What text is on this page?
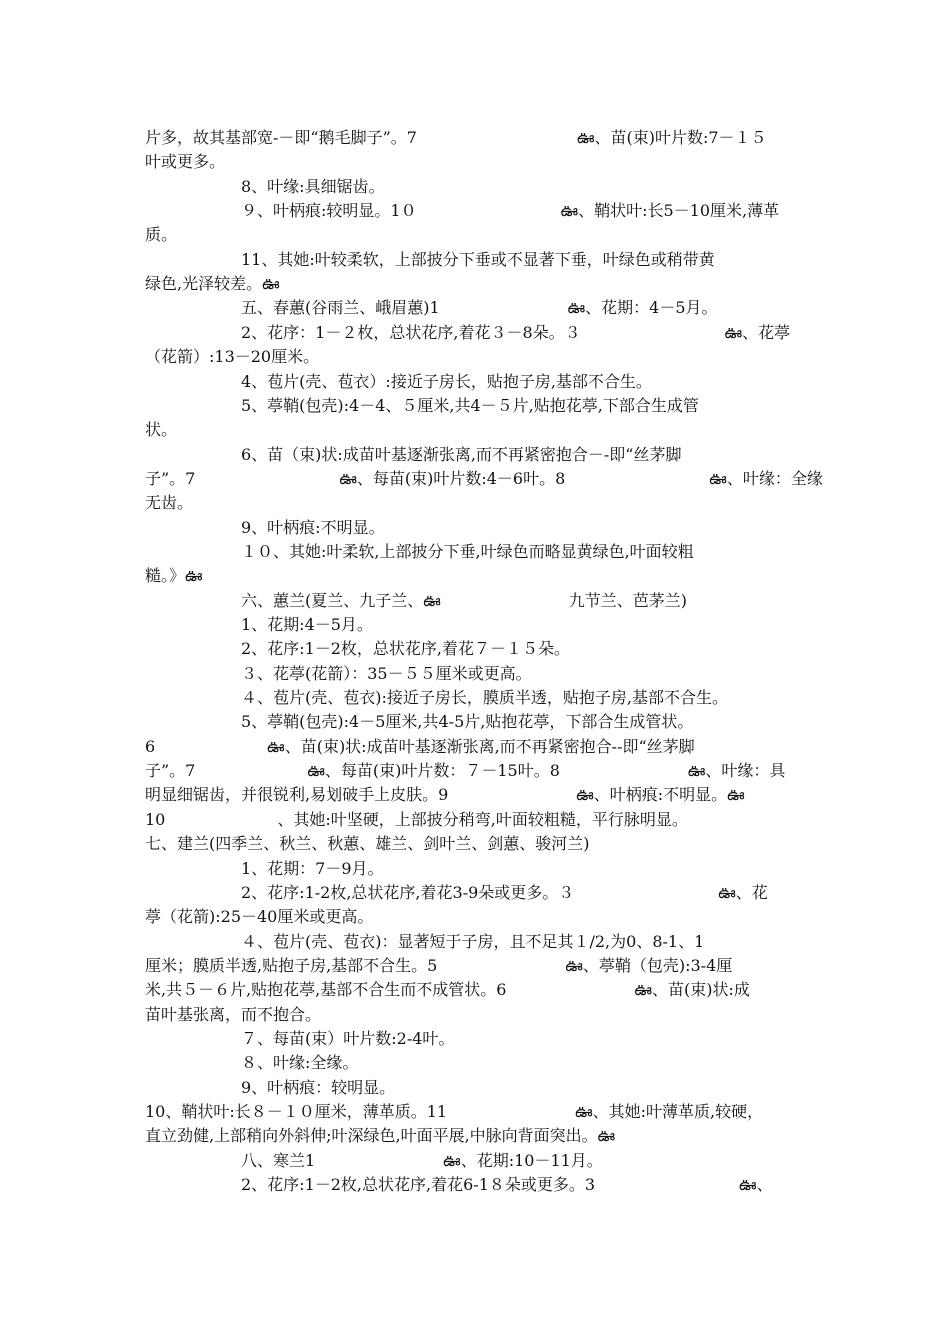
片多，故其基部宽-－即“鹅毛脚子”。7　　　　　　　　　　ఊ、苗(束)叶片数:7－１５
叶或更多。
　　　　　　8、叶缘:具细锯齿。
　　　　　　９、叶柄痕:较明显。1０　　　　　　　　　ఊ、鞘状叶:长5－10厘米,薄革
质。
　　　　　　11、其她:叶较柔软，上部披分下垂或不显著下垂，叶绿色或稍带黄
绿色,光泽较差。ఊ
　　　　　　五、春蕙(谷雨兰、峨眉蕙)1　　　　　　　　ఊ、花期：4－5月。
　　　　　　2、花序：1－２枚，总状花序,着花３－8朵。３　　　　　　　　　ఊ、花葶
（花箭）:13－20厘米。
　　　　　　4、苞片(壳、苞衣）:接近子房长，贴抱子房,基部不合生。
　　　　　　5、葶鞘(包壳):4－4、５厘米,共4－５片,贴抱花葶,下部合生成管
状。
　　　　　　6、苗（束)状:成苗叶基逐渐张离,而不再紧密抱合－-即“丝茅脚
子”。7　　　　　　　　　ఊ、每苗(束)叶片数:4－6叶。8　　　　　　　　　ఊ、叶缘：全缘
无齿。
　　　　　　9、叶柄痕:不明显。
　　　　　　１０、其她:叶柔软,上部披分下垂,叶绿色而略显黄绿色,叶面较粗
糙。》ఊ
　　　　　　六、蕙兰(夏兰、九子兰、ఊ　　　　　　　　九节兰、芭茅兰)
　　　　　　1、花期:4－5月。
　　　　　　2、花序:1－2枚，总状花序,着花７－１５朵。
　　　　　　３、花葶(花箭）：35－５５厘米或更高。
　　　　　　４、苞片(壳、苞衣):接近子房长，膜质半透，贴抱子房,基部不合生。
　　　　　　5、葶鞘(包壳):4－5厘米,共4-5片,贴抱花葶，下部合生成管状。
6　　　　　　　ఊ、苗(束)状:成苗叶基逐渐张离,而不再紧密抱合--即“丝茅脚
子”。7　　　　　　　ఊ、每苗(束)叶片数：７－15叶。8　　　　　　　　ఊ、叶缘：具
明显细锯齿，并很锐利,易划破手上皮肤。9　　　　　　　　ఊ、叶柄痕:不明显。ఊ
10　　　　　　　、其她:叶坚硬，上部披分稍弯,叶面较粗糙，平行脉明显。
七、建兰(四季兰、秋兰、秋蕙、雄兰、剑叶兰、剑蕙、骏河兰)
　　　　　　1、花期：7－9月。
　　　　　　2、花序:1-2枚,总状花序,着花3-9朵或更多。３　　　　　　　　　ఊ、花
葶（花箭):25－40厘米或更高。
　　　　　　４、苞片(壳、苞衣)：显著短于子房，且不足其１/2,为0、8-1、1
厘米；膜质半透,贴抱子房,基部不合生。5　　　　　　　　ఊ、葶鞘（包壳):3-4厘
米,共５－６片,贴抱花葶,基部不合生而不成管状。6　　　　　　　　ఊ、苗(束)状:成
苗叶基张离，而不抱合。
　　　　　　７、每苗(束）叶片数:2-4叶。
　　　　　　８、叶缘:全缘。
　　　　　　9、叶柄痕：较明显。
10、鞘状叶:长８－１０厘米，薄革质。11　　　　　　　　ఊ、其她:叶薄革质,较硬，
直立劲健,上部稍向外斜伸;叶深绿色,叶面平展,中脉向背面突出。ఊ
　　　　　　八、寒兰1　　　　　　　　ఊ、花期:10－11月。
　　　　　　2、花序:1－2枚,总状花序,着花6-1８朵或更多。3　　　　　　　　　ఊ、
